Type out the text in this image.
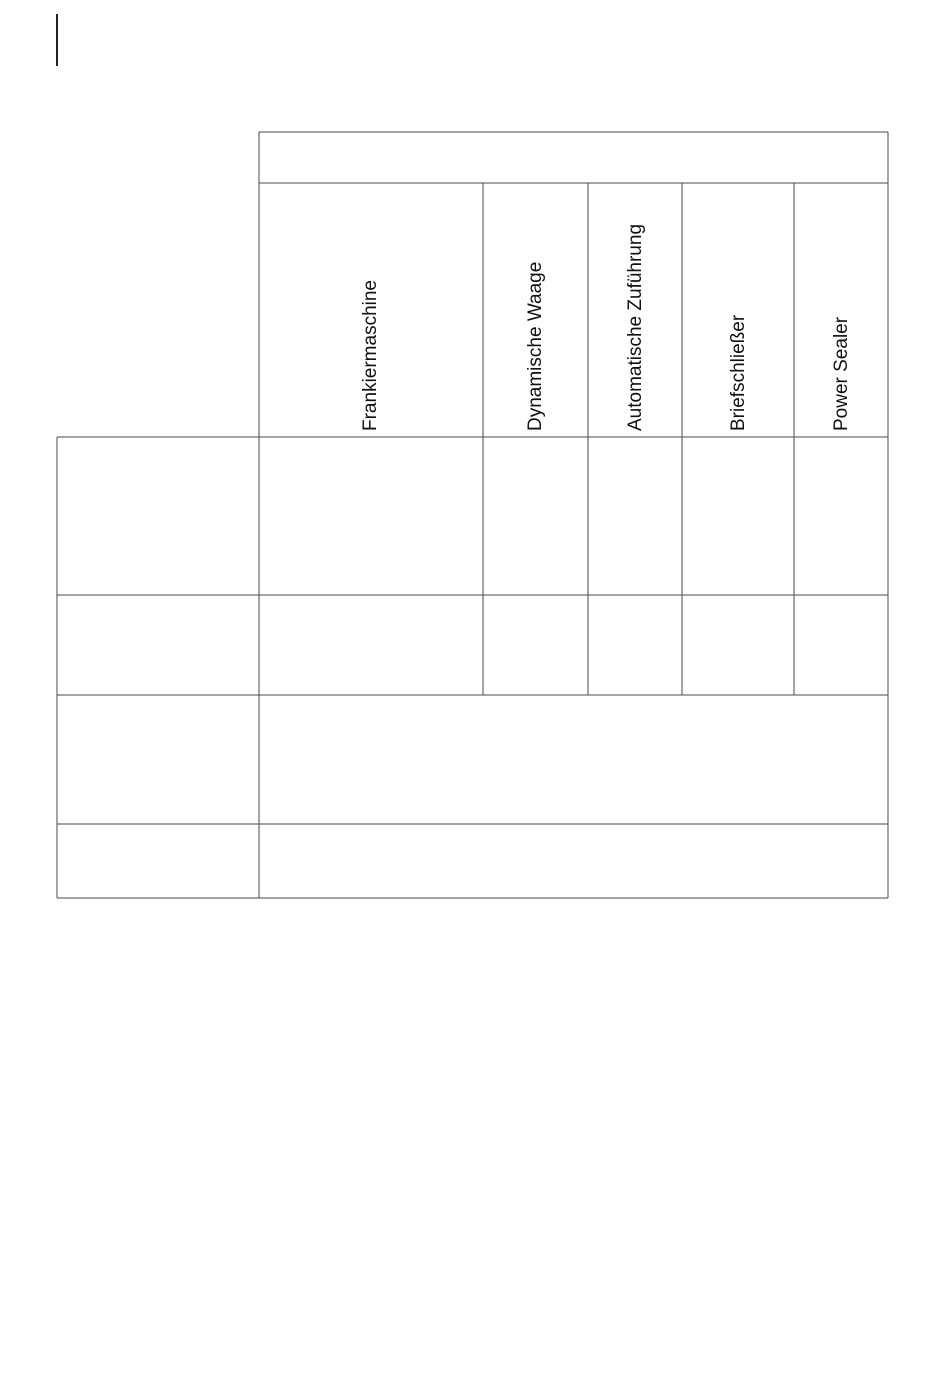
Frankiermaschine	Dynamische Waage	Automatische Zuführung	Briefschließer	Power Sealer
